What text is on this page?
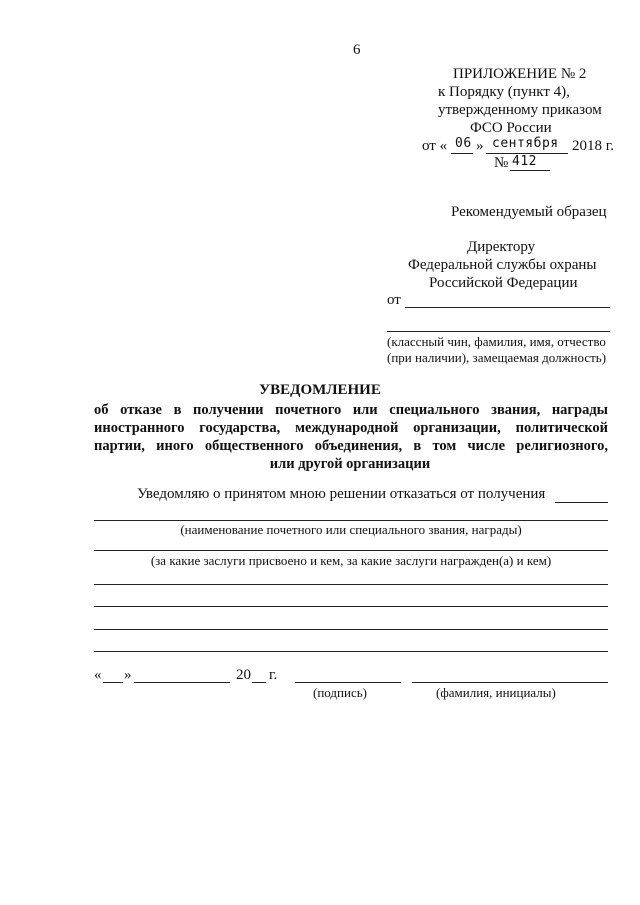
6
ПРИЛОЖЕНИЕ № 2
к Порядку (пункт 4),
утвержденному приказом
ФСО России
от « 06 » сентября 2018 г.
№ 412
Рекомендуемый образец
Директору
Федеральной службы охраны
Российской Федерации
от
(классный чин, фамилия, имя, отчество
(при наличии), замещаемая должность)
УВЕДОМЛЕНИЕ
об отказе в получении почетного или специального звания, награды
иностранного государства, международной организации, политической
партии, иного общественного объединения, в том числе религиозного,
или другой организации
Уведомляю о принятом мною решении отказаться от получения
(наименование почетного или специального звания, награды)
(за какие заслуги присвоено и кем, за какие заслуги награжден(а) и кем)
« »	20 г.
(подпись)	(фамилия, инициалы)
